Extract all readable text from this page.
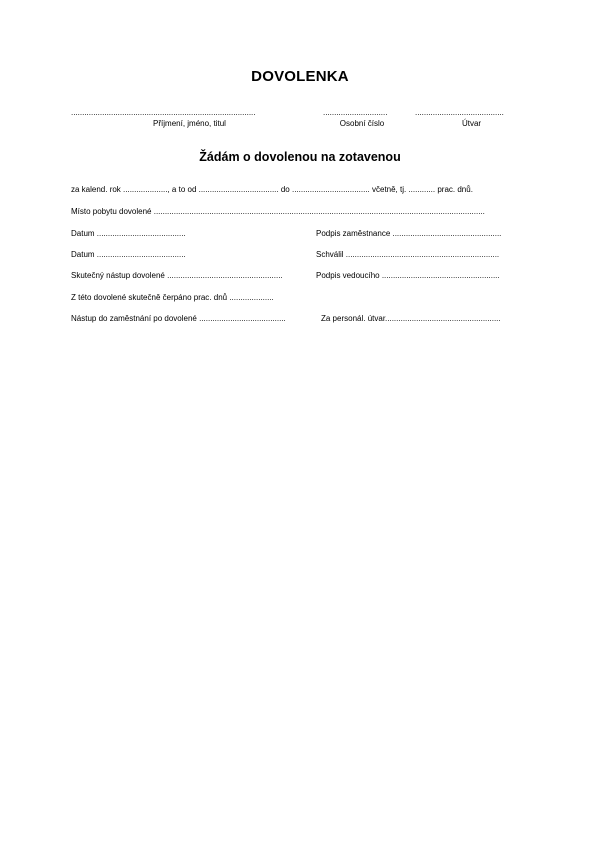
DOVOLENKA
...................................................................................
Příjmení, jméno, titul
.............................
Osobní číslo
........................................
Útvar
Žádám o dovolenou na zotavenou
za kalend. rok ...................., a to od .................................... do ................................... včetně, tj. ............ prac. dnů.
Místo pobytu dovolené .....................................................................................................................................................
Datum ........................................	Podpis zaměstnance .................................................
Datum ........................................	Schválil .....................................................................
Skutečný nástup dovolené ....................................................	Podpis vedoucího .....................................................
Z této dovolené skutečně čerpáno prac. dnů ....................
Nástup do zaměstnání po dovolené .......................................	Za personál. útvar....................................................
